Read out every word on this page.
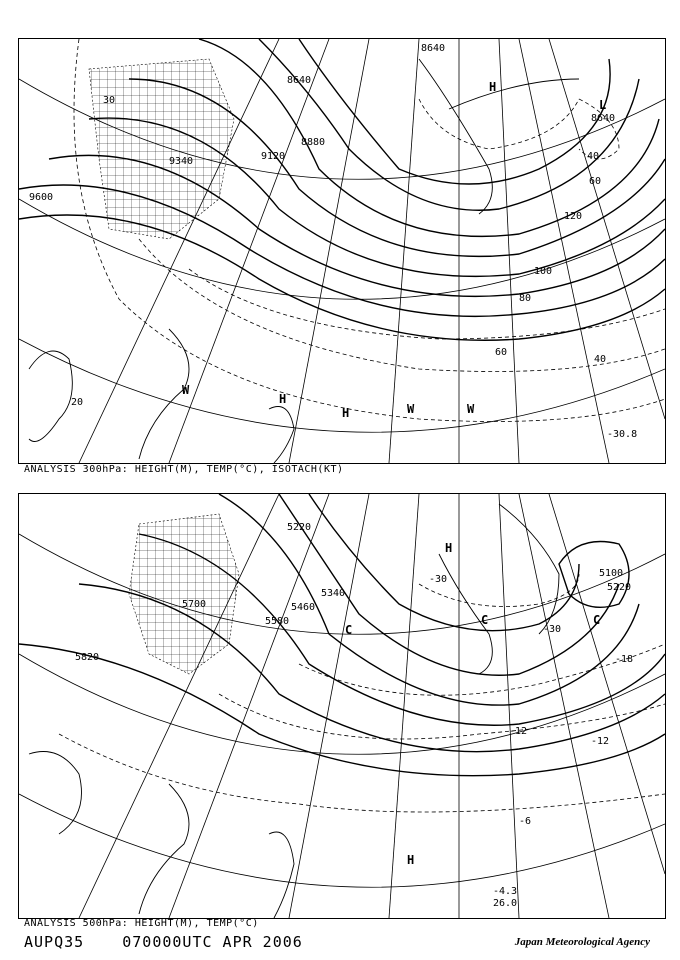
9600
9340	9120
8880
8640
8640
8640
20
40
60
80
100
120
40
60
30
W
W	W
H
H
H
L
-30.8
ANALYSIS 300hPa: HEIGHT(M), TEMP(°C), ISOTACH(KT)
5820
5700
5580
5460
5340
5220
5100
5220
-6
-12
-12
-18
-30
-30
H
H
C
C	C
-4.3
26.0
ANALYSIS 500hPa: HEIGHT(M), TEMP(°C)
AUPQ35	070000UTC APR 2006	Japan Meteorological Agency
